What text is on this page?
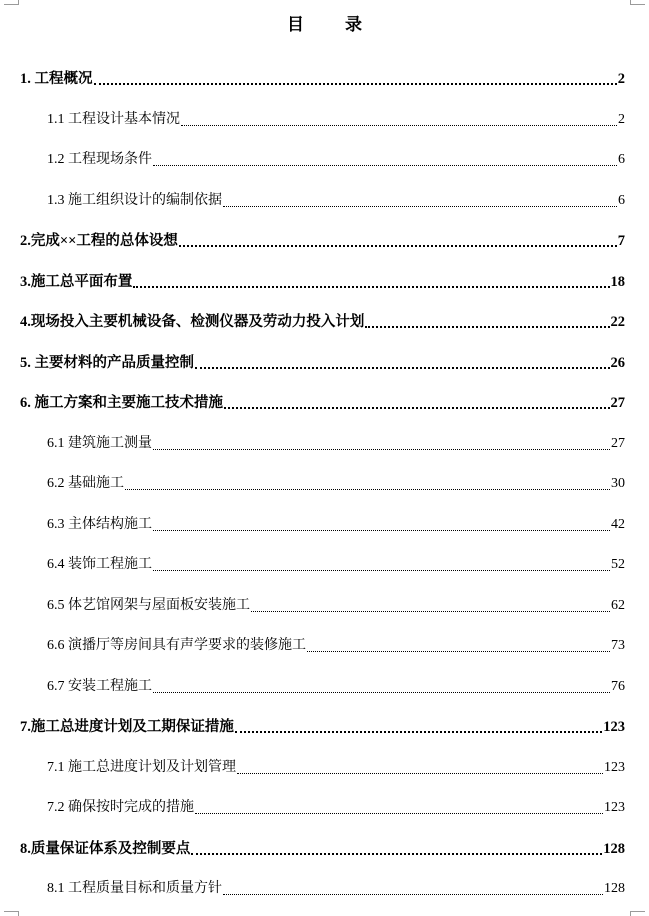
目　录
1. 工程概况	2
1.1 工程设计基本情况	2
1.2 工程现场条件	6
1.3 施工组织设计的编制依据	6
2.完成××工程的总体设想	7
3.施工总平面布置	18
4.现场投入主要机械设备、检测仪器及劳动力投入计划	22
5. 主要材料的产品质量控制	26
6. 施工方案和主要施工技术措施	27
6.1 建筑施工测量	27
6.2 基础施工	30
6.3 主体结构施工	42
6.4 装饰工程施工	52
6.5 体艺馆网架与屋面板安装施工	62
6.6 演播厅等房间具有声学要求的装修施工	73
6.7 安装工程施工	76
7.施工总进度计划及工期保证措施	123
7.1 施工总进度计划及计划管理	123
7.2 确保按时完成的措施	123
8.质量保证体系及控制要点	128
8.1 工程质量目标和质量方针	128
